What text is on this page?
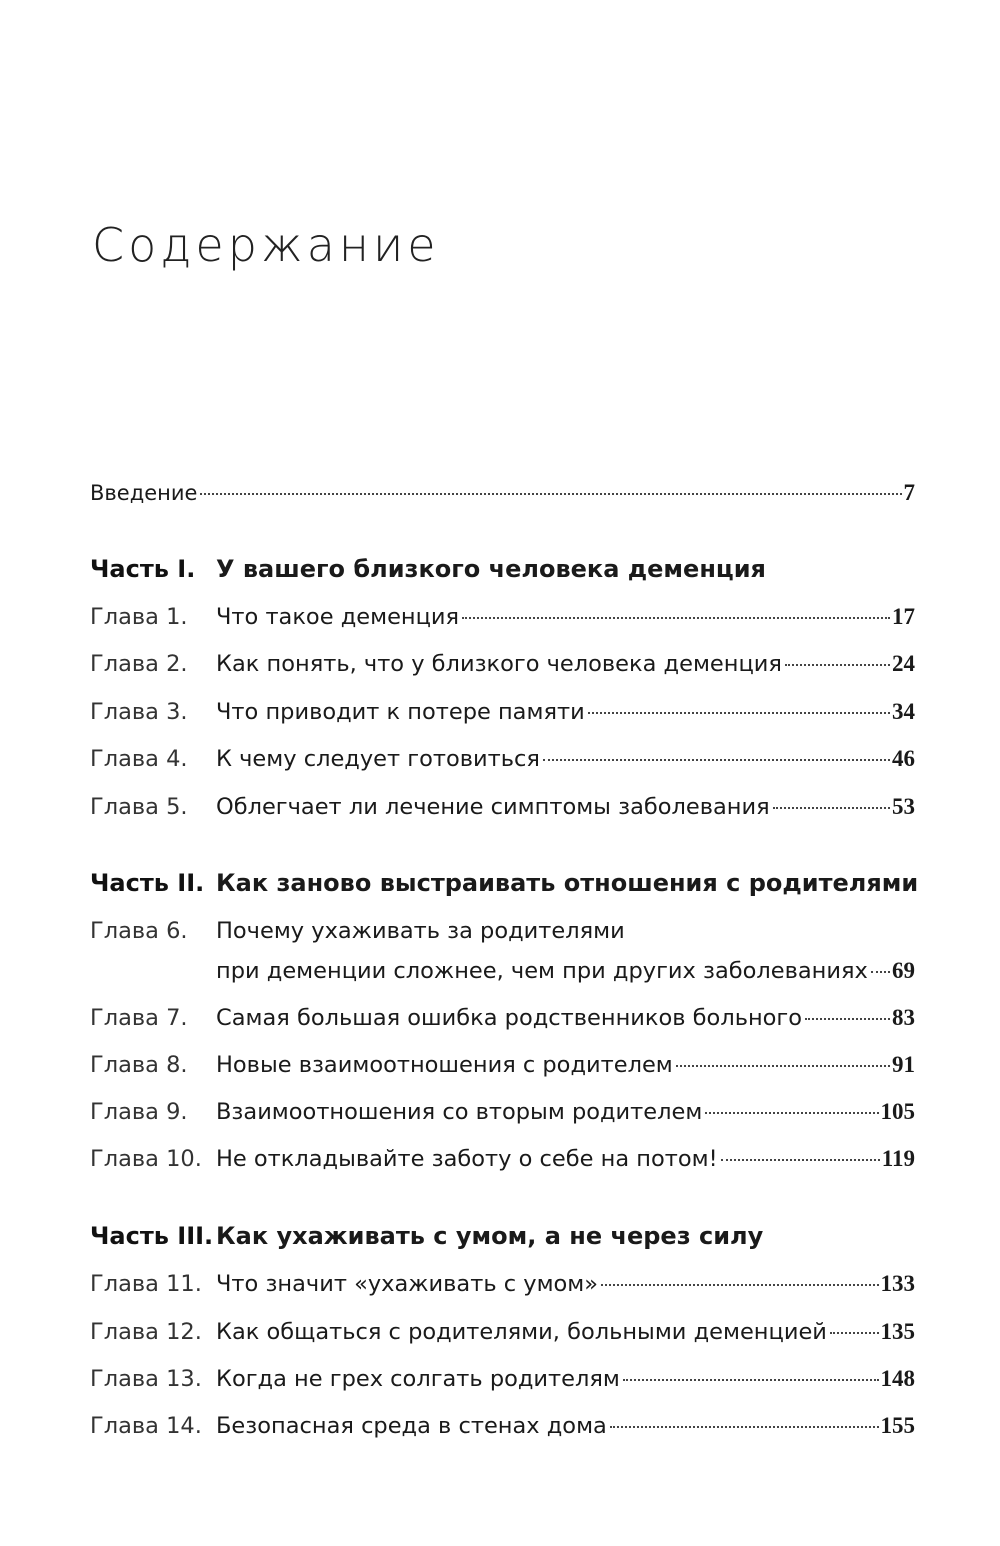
Содержание
Введение	7
Часть I. У вашего близкого человека деменция
Глава 1.	Что такое деменция	17
Глава 2.	Как понять, что у близкого человека деменция	24
Глава 3.	Что приводит к потере памяти	34
Глава 4.	К чему следует готовиться	46
Глава 5.	Облегчает ли лечение симптомы заболевания	53
Часть II. Как заново выстраивать отношения с родителями
Глава 6.	Почему ухаживать за родителями
при деменции сложнее, чем при других заболеваниях 69
Глава 7.	Самая большая ошибка родственников больного	83
Глава 8.	Новые взаимоотношения с родителем	91
Глава 9.	Взаимоотношения со вторым родителем	105
Глава 10. Не откладывайте заботу о себе на потом!	119
Часть III. Как ухаживать с умом, а не через силу
Глава 11. Что значит «ухаживать с умом»	133
Глава 12. Как общаться с родителями, больными деменцией 135
Глава 13. Когда не грех солгать родителям	148
Глава 14. Безопасная среда в стенах дома	155
